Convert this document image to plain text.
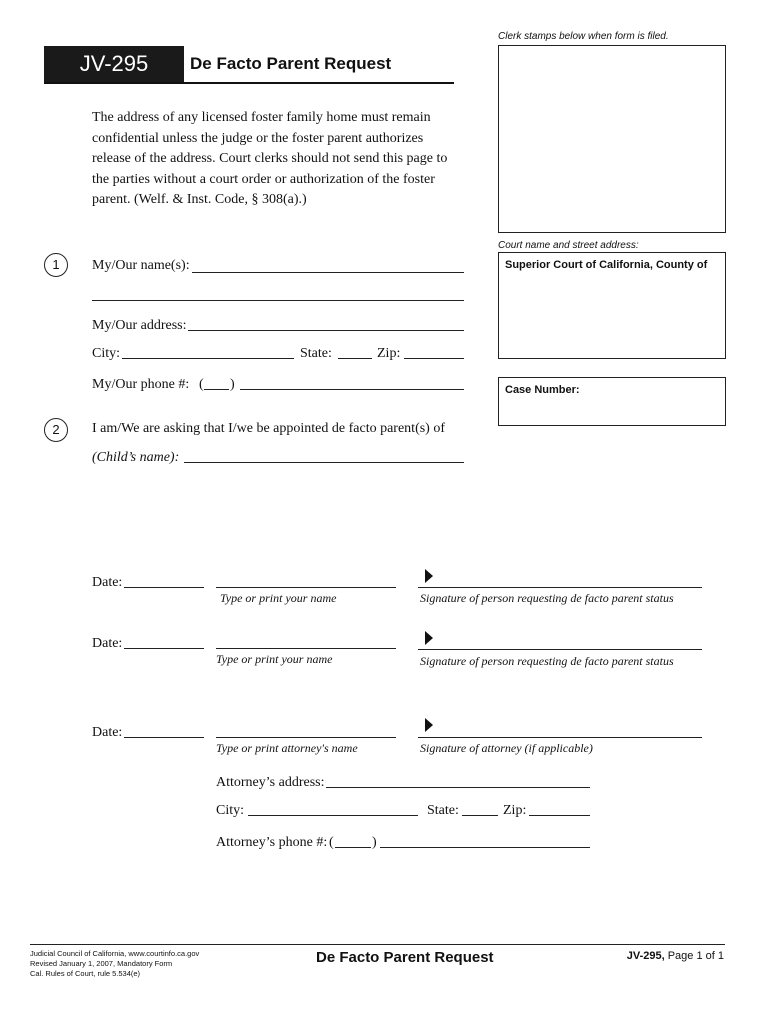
JV-295	De Facto Parent Request
Clerk stamps below when form is filed.
Court name and street address:
Superior Court of California, County of
Case Number:
The address of any licensed foster family home must remain confidential unless the judge or the foster parent authorizes release of the address. Court clerks should not send this page to the parties without a court order or authorization of the foster parent. (Welf. & Inst. Code, § 308(a).)
1	My/Our name(s):
My/Our address:
City:	State:	Zip:
My/Our phone #: ( )
2	I am/We are asking that I/we be appointed de facto parent(s) of
(Child’s name):
Date:
Type or print your name	Signature of person requesting de facto parent status
Date:
Type or print your name	Signature of person requesting de facto parent status
Date:
Type or print attorney's name	Signature of attorney (if applicable)
Attorney’s address:
City:	State:	Zip:
Attorney’s phone #: (	)
Judicial Council of California, www.courtinfo.ca.gov
Revised January 1, 2007, Mandatory Form
Cal. Rules of Court, rule 5.534(e)
De Facto Parent Request	JV-295, Page 1 of 1
